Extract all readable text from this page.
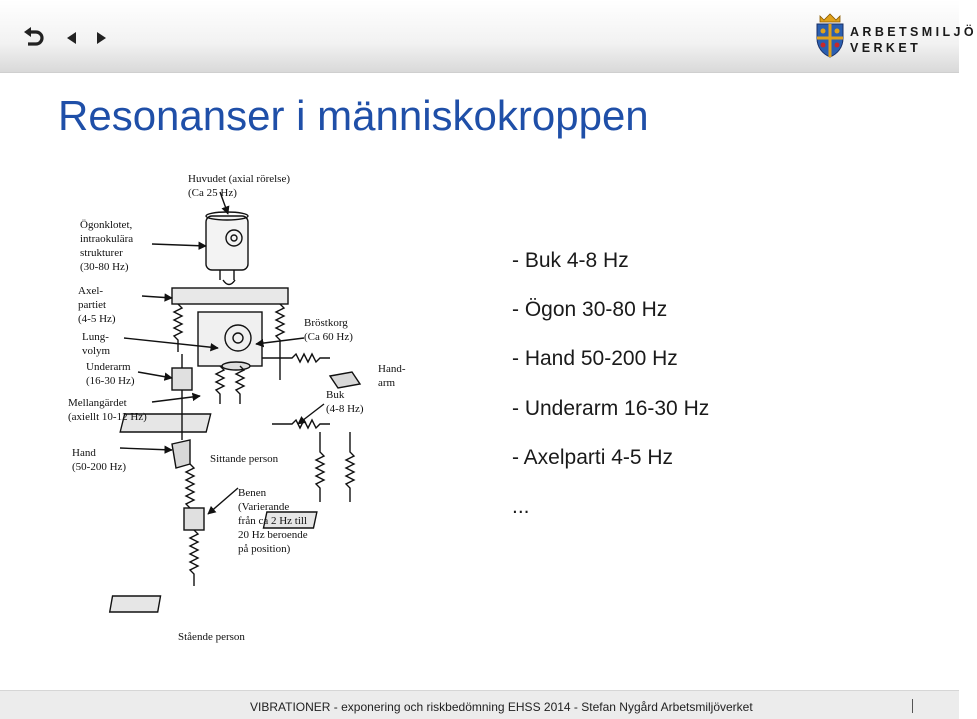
ARBETSMILJÖ
VERKET
Resonanser i människokroppen
- Buk 4-8 Hz
- Ögon 30-80 Hz
- Hand 50-200 Hz
- Underarm 16-30 Hz
- Axelparti 4-5 Hz
...
Huvudet (axial rörelse)
(Ca 25 Hz)
Ögonklotet,
intraokulära
strukturer
(30-80 Hz)
Axel-
partiet
(4-5 Hz)
Lung-
volym
Underarm
(16-30 Hz)
Mellangärdet
(axiellt 10-12 Hz)
Hand
(50-200 Hz)
Bröstkorg
(Ca 60 Hz)
Hand-
arm
Buk
(4-8 Hz)
Sittande person
Benen
(Varierande
från ca 2 Hz till
20 Hz beroende
på position)
Stående person
VIBRATIONER - exponering och riskbedömning EHSS 2014 - Stefan Nygård Arbetsmiljöverket
